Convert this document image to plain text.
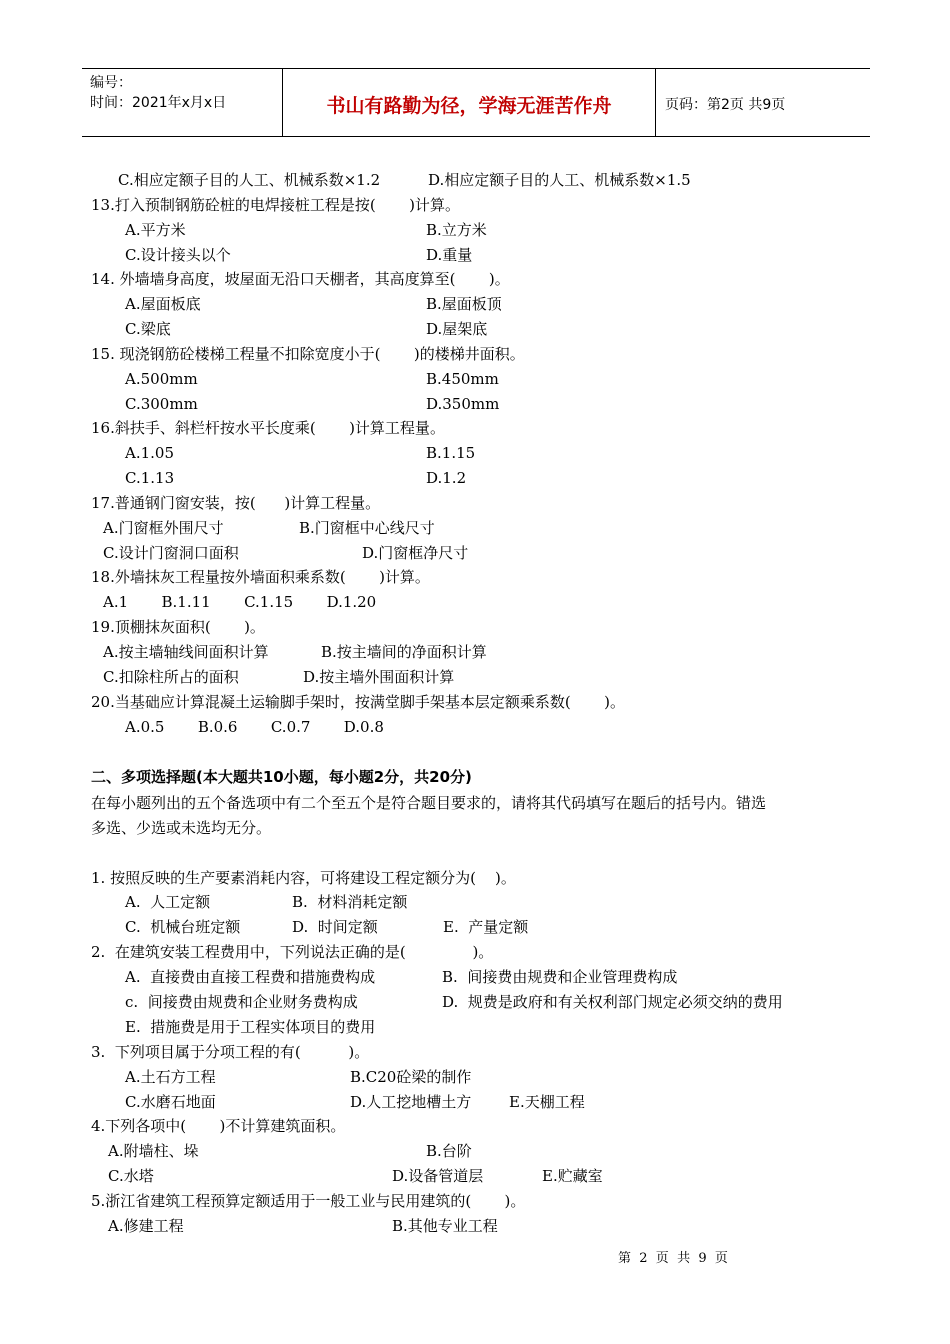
编号：
时间：2021年x月x日	书山有路勤为径，学海无涯苦作舟	页码：第2页 共9页
C.相应定额子目的人工、机械系数×1.2	D.相应定额子目的人工、机械系数×1.5
13.打入预制钢筋砼桩的电焊接桩工程是按(       )计算。
A.平方米	B.立方米
C.设计接头以个	D.重量
14. 外墙墙身高度，坡屋面无沿口天棚者，其高度算至(       )。
A.屋面板底	B.屋面板顶
C.梁底	D.屋架底
15. 现浇钢筋砼楼梯工程量不扣除宽度小于(       )的楼梯井面积。
A.500mm	B.450mm
C.300mm	D.350mm
16.斜扶手、斜栏杆按水平长度乘(       )计算工程量。
A.1.05	B.1.15
C.1.13	D.1.2
17.普通钢门窗安装，按(      )计算工程量。
A.门窗框外围尺寸	B.门窗框中心线尺寸
C.设计门窗洞口面积	D.门窗框净尺寸
18.外墙抹灰工程量按外墙面积乘系数(       )计算。
A.1       B.1.11       C.1.15       D.1.20
19.顶棚抹灰面积(       )。
A.按主墙轴线间面积计算	B.按主墙间的净面积计算
C.扣除柱所占的面积	D.按主墙外围面积计算
20.当基础应计算混凝土运输脚手架时，按满堂脚手架基本层定额乘系数(       )。
A.0.5       B.0.6       C.0.7       D.0.8
1. 按照反映的生产要素消耗内容，可将建设工程定额分为(    )。
A.  人工定额	B.  材料消耗定额
C.  机械台班定额	D.  时间定额	E.  产量定额
2.  在建筑安装工程费用中，下列说法正确的是(              )。
A.  直接费由直接工程费和措施费构成	B.  间接费由规费和企业管理费构成
c.  间接费由规费和企业财务费构成	D.  规费是政府和有关权利部门规定必须交纳的费用
E.  措施费是用于工程实体项目的费用
3.  下列项目属于分项工程的有(          )。
A.土石方工程	B.C20砼梁的制作
C.水磨石地面	D.人工挖地槽土方	E.天棚工程
4.下列各项中(       )不计算建筑面积。
A.附墙柱、垛	B.台阶
C.水塔	D.设备管道层	E.贮藏室
5.浙江省建筑工程预算定额适用于一般工业与民用建筑的(       )。
A.修建工程	B.其他专业工程
二、多项选择题(本大题共10小题，每小题2分，共20分)
在每小题列出的五个备选项中有二个至五个是符合题目要求的，请将其代码填写在题后的括号内。错选
多选、少选或未选均无分。
第  2  页  共  9  页
